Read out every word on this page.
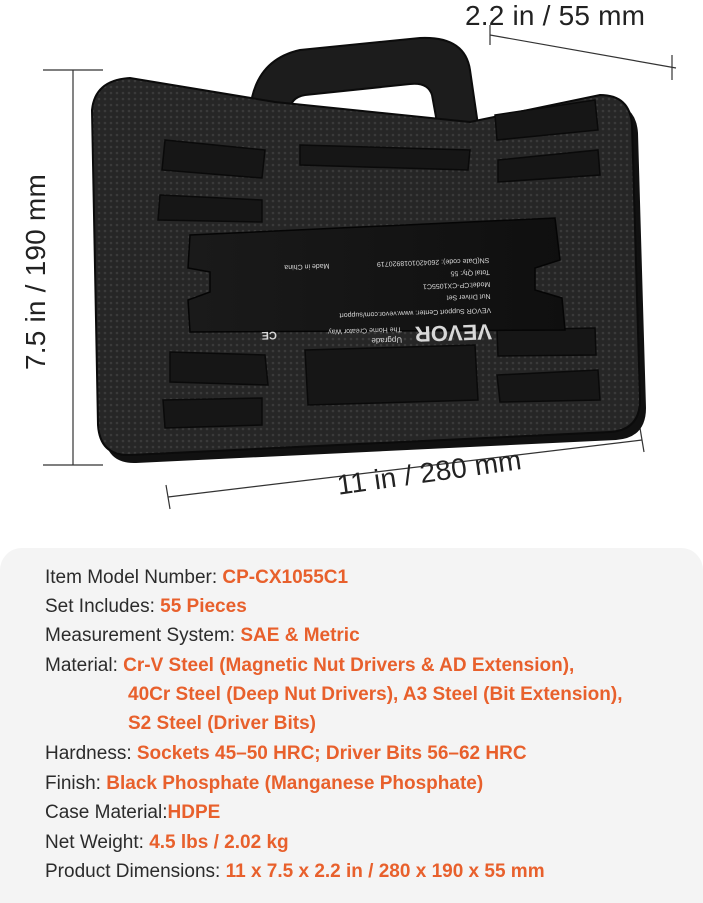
VEVOR
Upgrade
The Home Creator Way
VEVOR Support Center: www.vevor.com/support
Nut Driver Set
Model:CP-CX1055C1
Total Qty: 55
SN(Date code): 2604201018920719
Made in China
CE
2.2 in / 55 mm
11 in / 280 mm
7.5 in / 190 mm
Item Model Number: CP-CX1055C1
Set Includes: 55 Pieces
Measurement System: SAE & Metric
Material: Cr-V Steel (Magnetic Nut Drivers & AD Extension),
40Cr Steel (Deep Nut Drivers), A3 Steel (Bit Extension),
S2 Steel (Driver Bits)
Hardness: Sockets 45–50 HRC; Driver Bits 56–62 HRC
Finish: Black Phosphate (Manganese Phosphate)
Case Material:HDPE
Net Weight: 4.5 lbs / 2.02 kg
Product Dimensions: 11 x 7.5 x 2.2 in / 280 x 190 x 55 mm
